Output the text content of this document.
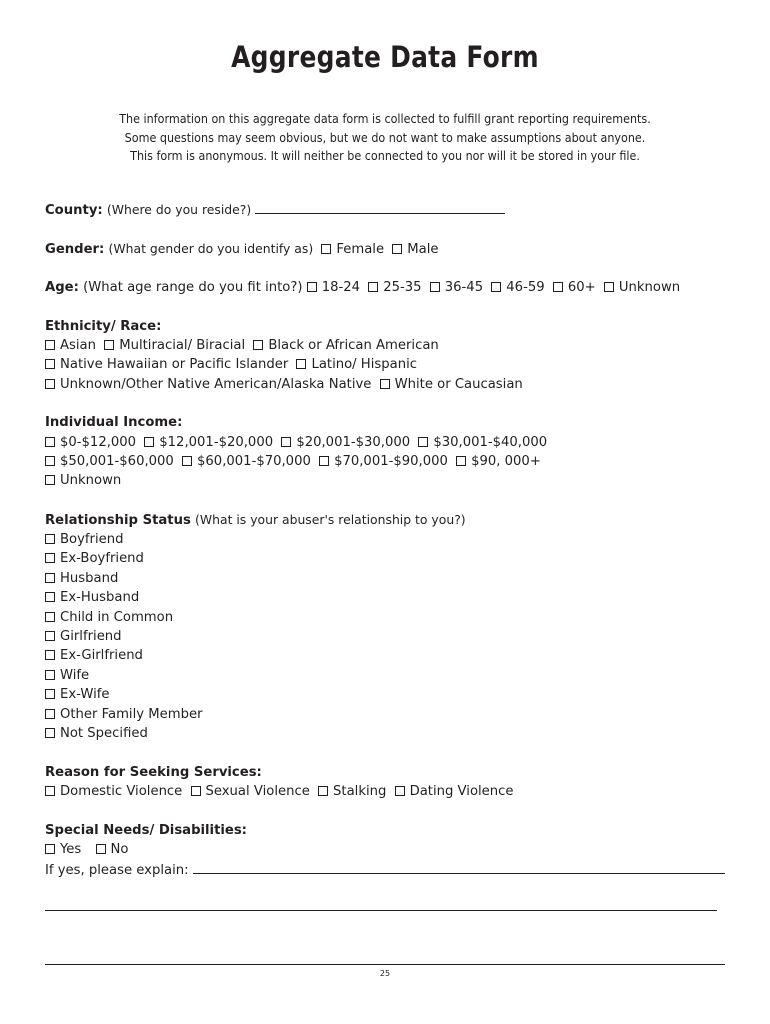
Aggregate Data Form
The information on this aggregate data form is collected to fulfill grant reporting requirements.
Some questions may seem obvious, but we do not want to make assumptions about anyone.
This form is anonymous. It will neither be connected to you nor will it be stored in your file.
County: (Where do you reside?)
Gender: (What gender do you identify as) Female Male
Age: (What age range do you fit into?) 18-24 25-35 36-45 46-59 60+ Unknown
Ethnicity/ Race:
Asian Multiracial/ Biracial Black or African American
Native Hawaiian or Pacific Islander Latino/ Hispanic
Unknown/Other Native American/Alaska Native White or Caucasian
Individual Income:
$0-$12,000 $12,001-$20,000 $20,001-$30,000 $30,001-$40,000
$50,001-$60,000 $60,001-$70,000 $70,001-$90,000 $90, 000+
Unknown
Relationship Status (What is your abuser's relationship to you?)
Boyfriend
Ex-Boyfriend
Husband
Ex-Husband
Child in Common
Girlfriend
Ex-Girlfriend
Wife
Ex-Wife
Other Family Member
Not Specified
Reason for Seeking Services:
Domestic Violence Sexual Violence Stalking Dating Violence
Special Needs/ Disabilities:
Yes No
If yes, please explain:
25
